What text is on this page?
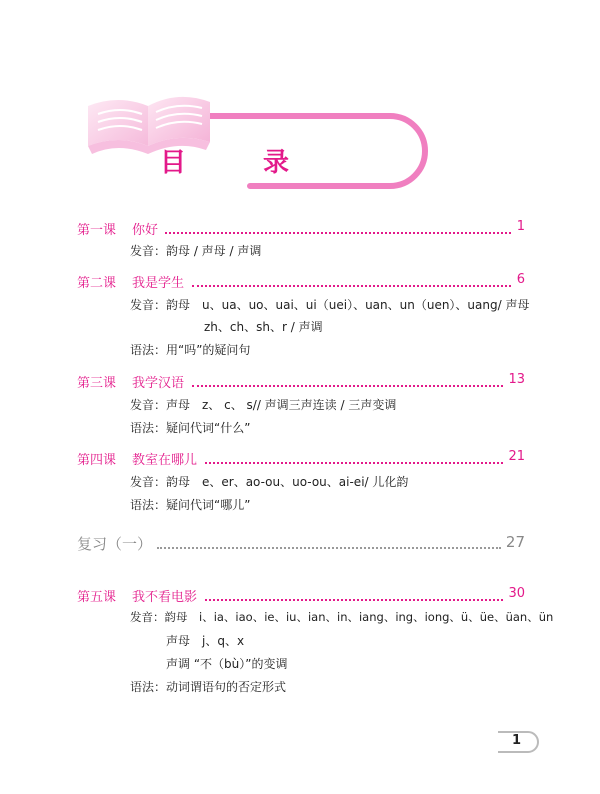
目 录
第一课 你好	1
发音：韵母 / 声母 / 声调
第二课 我是学生	6
发音：韵母　u、ua、uo、uai、ui（uei）、uan、un（uen）、uang/ 声母
zh、ch、sh、r / 声调
语法：用“吗”的疑问句
第三课 我学汉语	13
发音：声母　z、 c、 s// 声调三声连读 / 三声变调
语法：疑问代词“什么”
第四课 教室在哪儿	21
发音：韵母　e、er、ao-ou、uo-ou、ai-ei/ 儿化韵
语法：疑问代词“哪儿”
复习（一）	27
第五课 我不看电影	30
发音：韵母　i、ia、iao、ie、iu、ian、in、iang、ing、iong、ü、üe、üan、ün
声母　j、q、x
声调 “不（bù）”的变调
语法：动词谓语句的否定形式
1
